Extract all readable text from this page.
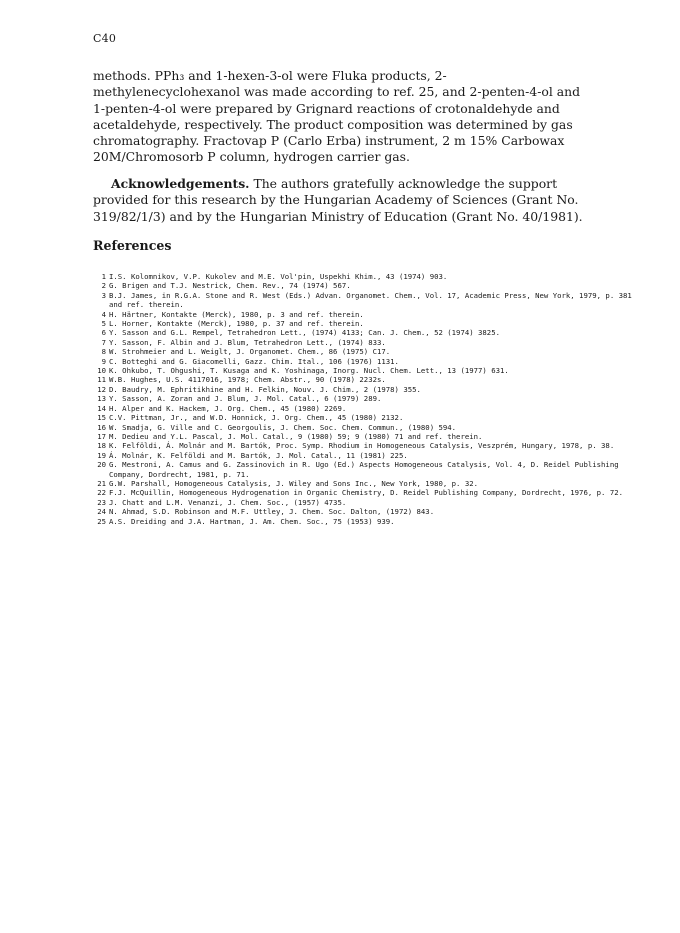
C40

methods. PPh₃ and 1-hexen-3-ol were Fluka products, 2-methylenecyclohexanol was made according to ref. 25, and 2-penten-4-ol and 1-penten-4-ol were prepared by Grignard reactions of crotonaldehyde and acetaldehyde, respectively. The product composition was determined by gas chromatography. Fractovap P (Carlo Erba) instrument, 2 m 15% Carbowax 20M/Chromosorb P column, hydrogen carrier gas.

Acknowledgements. The authors gratefully acknowledge the support provided for this research by the Hungarian Academy of Sciences (Grant No. 319/82/1/3) and by the Hungarian Ministry of Education (Grant No. 40/1981).

References
1 I.S. Kolomnikov, V.P. Kukolev and M.E. Vol'pin, Uspekhi Khim., 43 (1974) 903.
2 G. Brigen and T.J. Nestrick, Chem. Rev., 74 (1974) 567.
3 B.J. James, in R.G.A. Stone and R. West (Eds.) Advan. Organomet. Chem., Vol. 17, Academic Press, New York, 1979, p. 381 and ref. therein.
4 H. Härtner, Kontakte (Merck), 1980, p. 3 and ref. therein.
5 L. Horner, Kontakte (Merck), 1980, p. 37 and ref. therein.
6 Y. Sasson and G.L. Rempel, Tetrahedron Lett., (1974) 4133; Can. J. Chem., 52 (1974) 3825.
7 Y. Sasson, F. Albin and J. Blum, Tetrahedron Lett., (1974) 833.
8 W. Strohmeier and L. Weiglt, J. Organomet. Chem., 86 (1975) C17.
9 C. Botteghi and G. Giacomelli, Gazz. Chim. Ital., 106 (1976) 1131.
10 K. Ohkubo, T. Ohgushi, T. Kusaga and K. Yoshinaga, Inorg. Nucl. Chem. Lett., 13 (1977) 631.
11 W.B. Hughes, U.S. 4117016, 1978; Chem. Abstr., 90 (1978) 2232s.
12 D. Baudry, M. Ephritikhine and H. Felkin, Nouv. J. Chim., 2 (1978) 355.
13 Y. Sasson, A. Zoran and J. Blum, J. Mol. Catal., 6 (1979) 289.
14 H. Alper and K. Hackem, J. Org. Chem., 45 (1980) 2269.
15 C.V. Pittman, Jr., and W.D. Honnick, J. Org. Chem., 45 (1980) 2132.
16 W. Smadja, G. Ville and C. Georgoulis, J. Chem. Soc. Chem. Commun., (1980) 594.
17 M. Dedieu and Y.L. Pascal, J. Mol. Catal., 9 (1980) 59; 9 (1980) 71 and ref. therein.
18 K. Felföldi, Á. Molnár and M. Bartók, Proc. Symp. Rhodium in Homogeneous Catalysis, Veszprém, Hungary, 1978, p. 38.
19 Á. Molnár, K. Felföldi and M. Bartók, J. Mol. Catal., 11 (1981) 225.
20 G. Mestroni, A. Camus and G. Zassinovich in R. Ugo (Ed.) Aspects Homogeneous Catalysis, Vol. 4, D. Reidel Publishing Company, Dordrecht, 1981, p. 71.
21 G.W. Parshall, Homogeneous Catalysis, J. Wiley and Sons Inc., New York, 1980, p. 32.
22 F.J. McQuillin, Homogeneous Hydrogenation in Organic Chemistry, D. Reidel Publishing Company, Dordrecht, 1976, p. 72.
23 J. Chatt and L.M. Venanzi, J. Chem. Soc., (1957) 4735.
24 N. Ahmad, S.D. Robinson and M.F. Uttley, J. Chem. Soc. Dalton, (1972) 843.
25 A.S. Dreiding and J.A. Hartman, J. Am. Chem. Soc., 75 (1953) 939.
